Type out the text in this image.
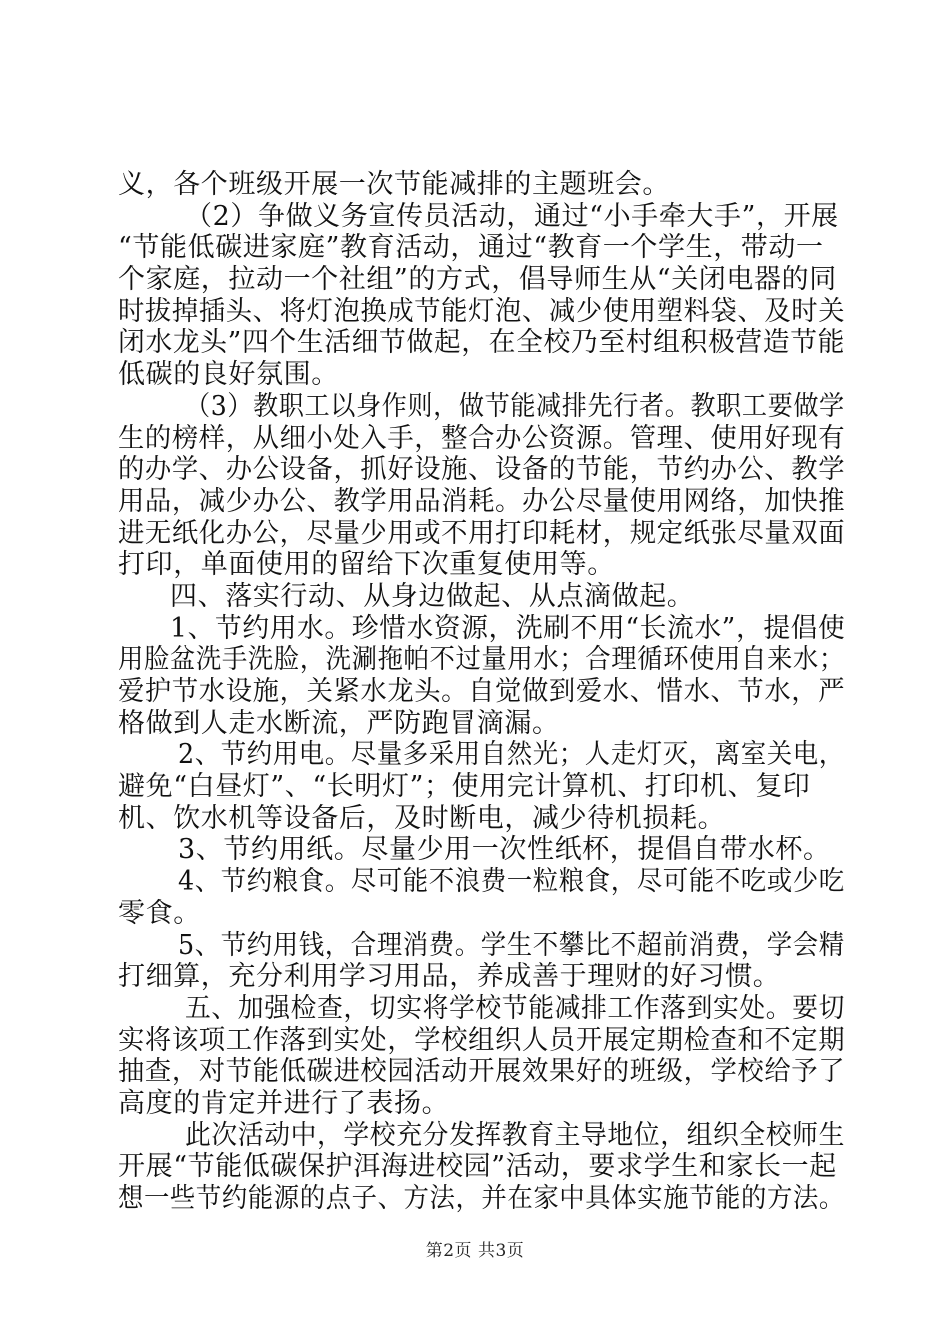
义，各个班级开展一次节能减排的主题班会。
（2）争做义务宣传员活动，通过“小手牵大手”，开展
“节能低碳进家庭”教育活动，通过“教育一个学生，带动一
个家庭，拉动一个社组”的方式，倡导师生从“关闭电器的同
时拔掉插头、将灯泡换成节能灯泡、减少使用塑料袋、及时关
闭水龙头”四个生活细节做起，在全校乃至村组积极营造节能
低碳的良好氛围。
（3）教职工以身作则，做节能减排先行者。教职工要做学
生的榜样，从细小处入手，整合办公资源。管理、使用好现有
的办学、办公设备，抓好设施、设备的节能，节约办公、教学
用品，减少办公、教学用品消耗。办公尽量使用网络，加快推
进无纸化办公，尽量少用或不用打印耗材，规定纸张尽量双面
打印，单面使用的留给下次重复使用等。
四、落实行动、从身边做起、从点滴做起。
1、节约用水。珍惜水资源，洗刷不用“长流水”，提倡使
用脸盆洗手洗脸，洗涮拖帕不过量用水；合理循环使用自来水；
爱护节水设施，关紧水龙头。自觉做到爱水、惜水、节水，严
格做到人走水断流，严防跑冒滴漏。
2、节约用电。尽量多采用自然光；人走灯灭，离室关电，
避免“白昼灯”、“长明灯”；使用完计算机、打印机、复印
机、饮水机等设备后，及时断电，减少待机损耗。
3、节约用纸。尽量少用一次性纸杯，提倡自带水杯。
4、节约粮食。尽可能不浪费一粒粮食，尽可能不吃或少吃
零食。
5、节约用钱，合理消费。学生不攀比不超前消费，学会精
打细算，充分利用学习用品，养成善于理财的好习惯。
五、加强检查，切实将学校节能减排工作落到实处。要切
实将该项工作落到实处，学校组织人员开展定期检查和不定期
抽查，对节能低碳进校园活动开展效果好的班级，学校给予了
高度的肯定并进行了表扬。
此次活动中，学校充分发挥教育主导地位，组织全校师生
开展“节能低碳保护洱海进校园”活动，要求学生和家长一起
想一些节约能源的点子、方法，并在家中具体实施节能的方法。
第2页 共3页
